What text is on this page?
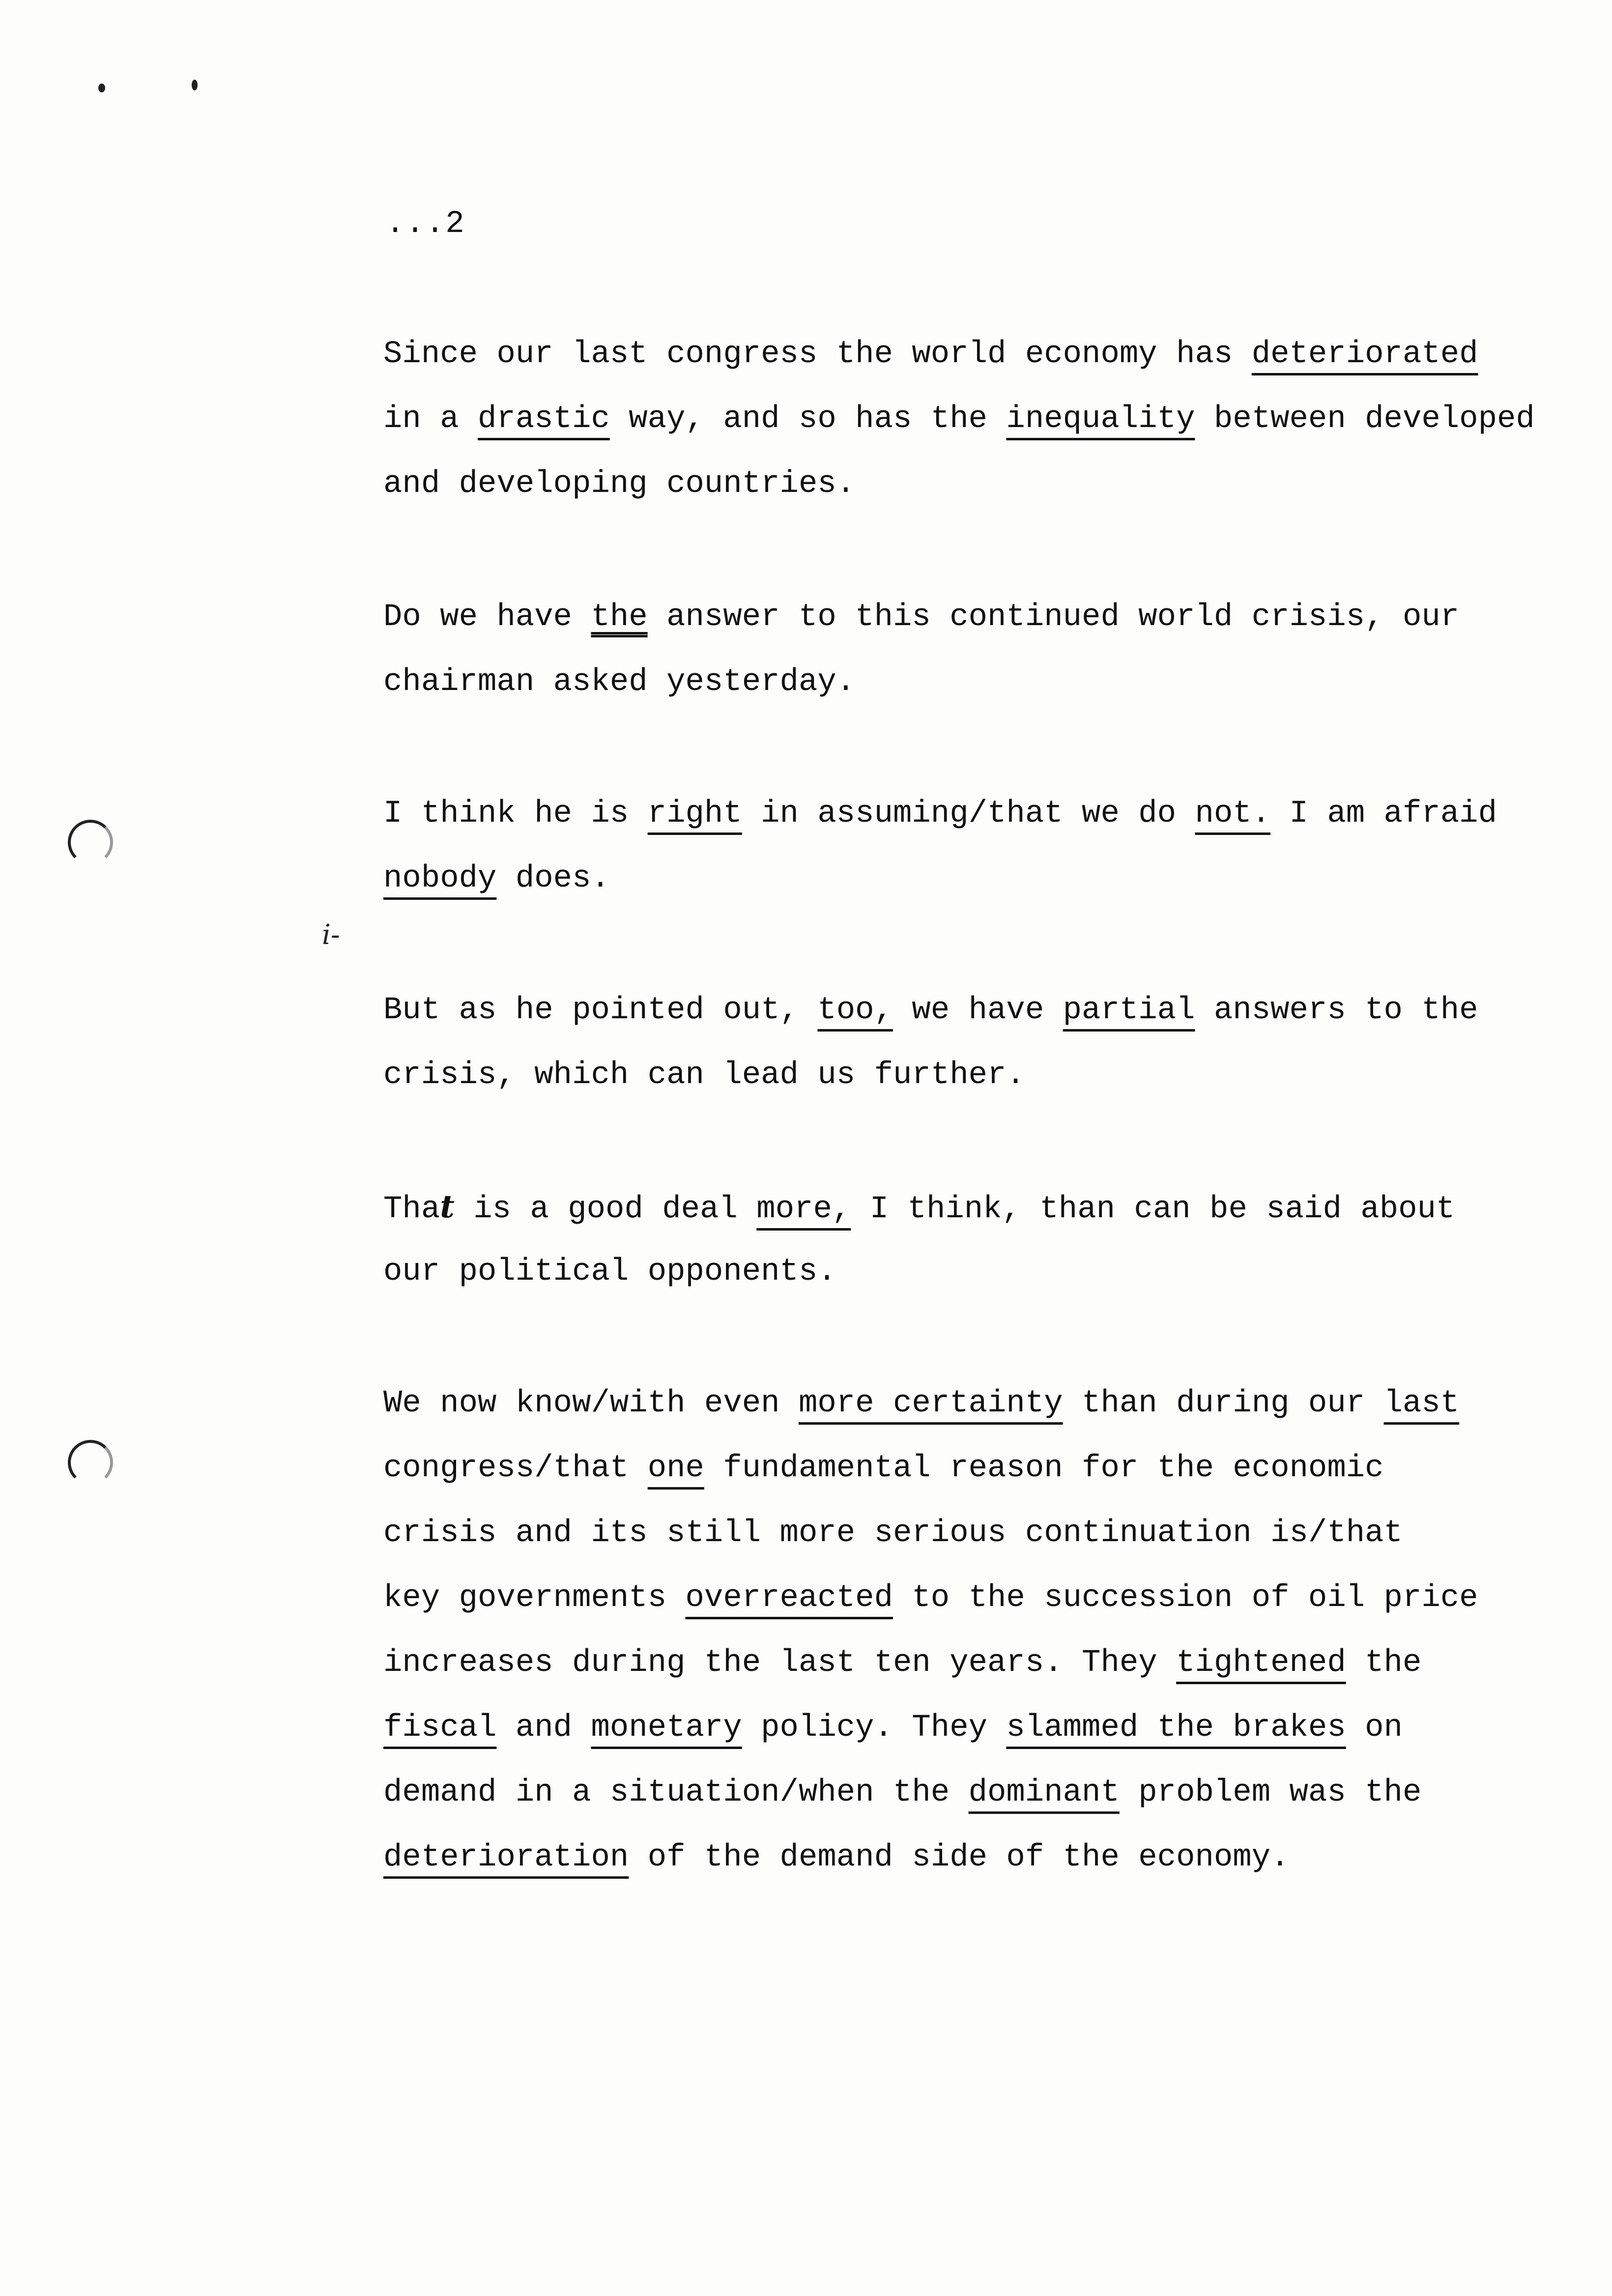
i-
...2
Since our last congress the world economy has deteriorated
in a drastic way, and so has the inequality between developed
and developing countries.
Do we have the answer to this continued world crisis, our
chairman asked yesterday.
I think he is right in assuming/that we do not. I am afraid
nobody does.
But as he pointed out, too, we have partial answers to the
crisis, which can lead us further.
That is a good deal more, I think, than can be said about
our political opponents.
We now know/with even more certainty than during our last
congress/that one fundamental reason for the economic
crisis and its still more serious continuation is/that
key governments overreacted to the succession of oil price
increases during the last ten years. They tightened the
fiscal and monetary policy. They slammed the brakes on
demand in a situation/when the dominant problem was the
deterioration of the demand side of the economy.
